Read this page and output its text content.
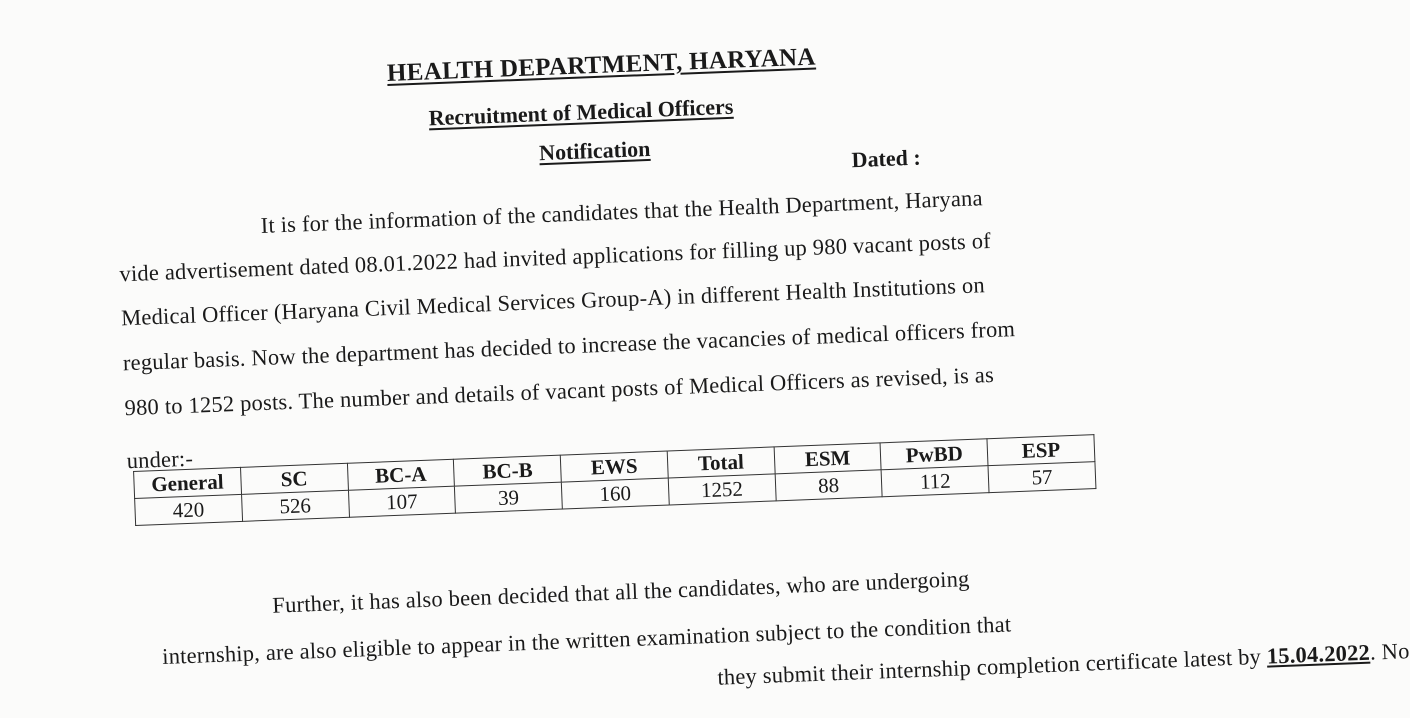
HEALTH DEPARTMENT, HARYANA
Recruitment of Medical Officers
Notification	Dated :
It is for the information of the candidates that the Health Department, Haryana
vide advertisement dated 08.01.2022 had invited applications for filling up 980 vacant posts of
Medical Officer (Haryana Civil Medical Services Group-A) in different Health Institutions on
regular basis. Now the department has decided to increase the vacancies of medical officers from
980 to 1252 posts. The number and details of vacant posts of Medical Officers as revised, is as
under:-
General	SC	BC-A	BC-B	EWS	Total	ESM	PwBD	ESP
420	526	107	39	160	1252	88	112	57
Further, it has also been decided that all the candidates, who are undergoing
internship, are also eligible to appear in the written examination subject to the condition that
they submit their internship completion certificate latest by 15.04.2022. No
